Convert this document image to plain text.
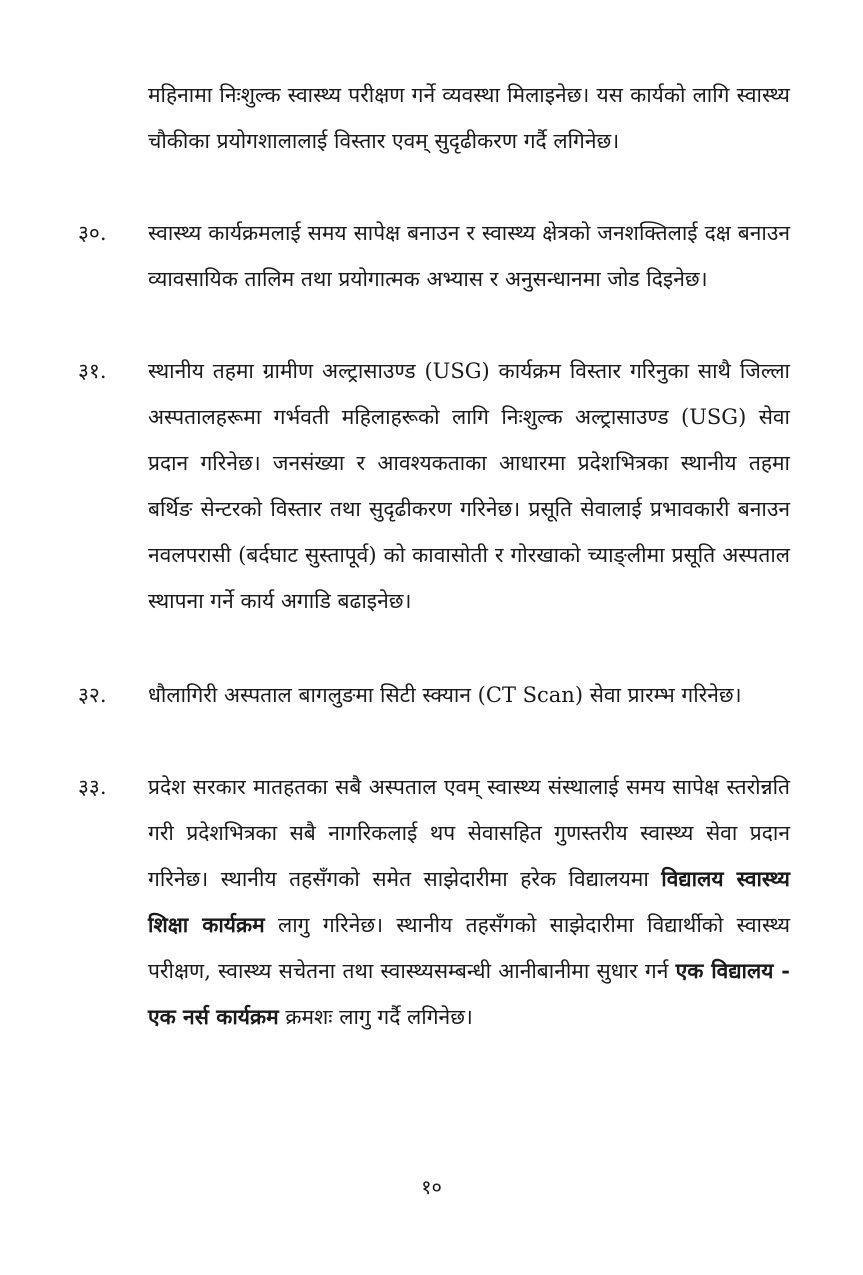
महिनामा निःशुल्क स्वास्थ्य परीक्षण गर्ने व्यवस्था मिलाइनेछ। यस कार्यको लागि स्वास्थ्य चौकीका प्रयोगशालालाई विस्तार एवम् सुदृढीकरण गर्दै लगिनेछ।

३०. स्वास्थ्य कार्यक्रमलाई समय सापेक्ष बनाउन र स्वास्थ्य क्षेत्रको जनशक्तिलाई दक्ष बनाउन व्यावसायिक तालिम तथा प्रयोगात्मक अभ्यास र अनुसन्धानमा जोड दिइनेछ।

३१. स्थानीय तहमा ग्रामीण अल्ट्रासाउण्ड (USG) कार्यक्रम विस्तार गरिनुका साथै जिल्ला अस्पतालहरूमा गर्भवती महिलाहरूको लागि निःशुल्क अल्ट्रासाउण्ड (USG) सेवा प्रदान गरिनेछ। जनसंख्या र आवश्यकताका आधारमा प्रदेशभित्रका स्थानीय तहमा बर्थिङ सेन्टरको विस्तार तथा सुदृढीकरण गरिनेछ। प्रसूति सेवालाई प्रभावकारी बनाउन नवलपरासी (बर्दघाट सुस्तापूर्व) को कावासोती र गोरखाको च्याङ्लीमा प्रसूति अस्पताल स्थापना गर्ने कार्य अगाडि बढाइनेछ।

३२. धौलागिरी अस्पताल बागलुङमा सिटी स्क्यान (CT Scan) सेवा प्रारम्भ गरिनेछ।

३३. प्रदेश सरकार मातहतका सबै अस्पताल एवम् स्वास्थ्य संस्थालाई समय सापेक्ष स्तरोन्नति गरी प्रदेशभित्रका सबै नागरिकलाई थप सेवासहित गुणस्तरीय स्वास्थ्य सेवा प्रदान गरिनेछ। स्थानीय तहसँगको समेत साझेदारीमा हरेक विद्यालयमा विद्यालय स्वास्थ्य शिक्षा कार्यक्रम लागु गरिनेछ। स्थानीय तहसँगको साझेदारीमा विद्यार्थीको स्वास्थ्य परीक्षण, स्वास्थ्य सचेतना तथा स्वास्थ्यसम्बन्धी आनीबानीमा सुधार गर्न एक विद्यालय - एक नर्स कार्यक्रम क्रमशः लागु गर्दै लगिनेछ।

१०
